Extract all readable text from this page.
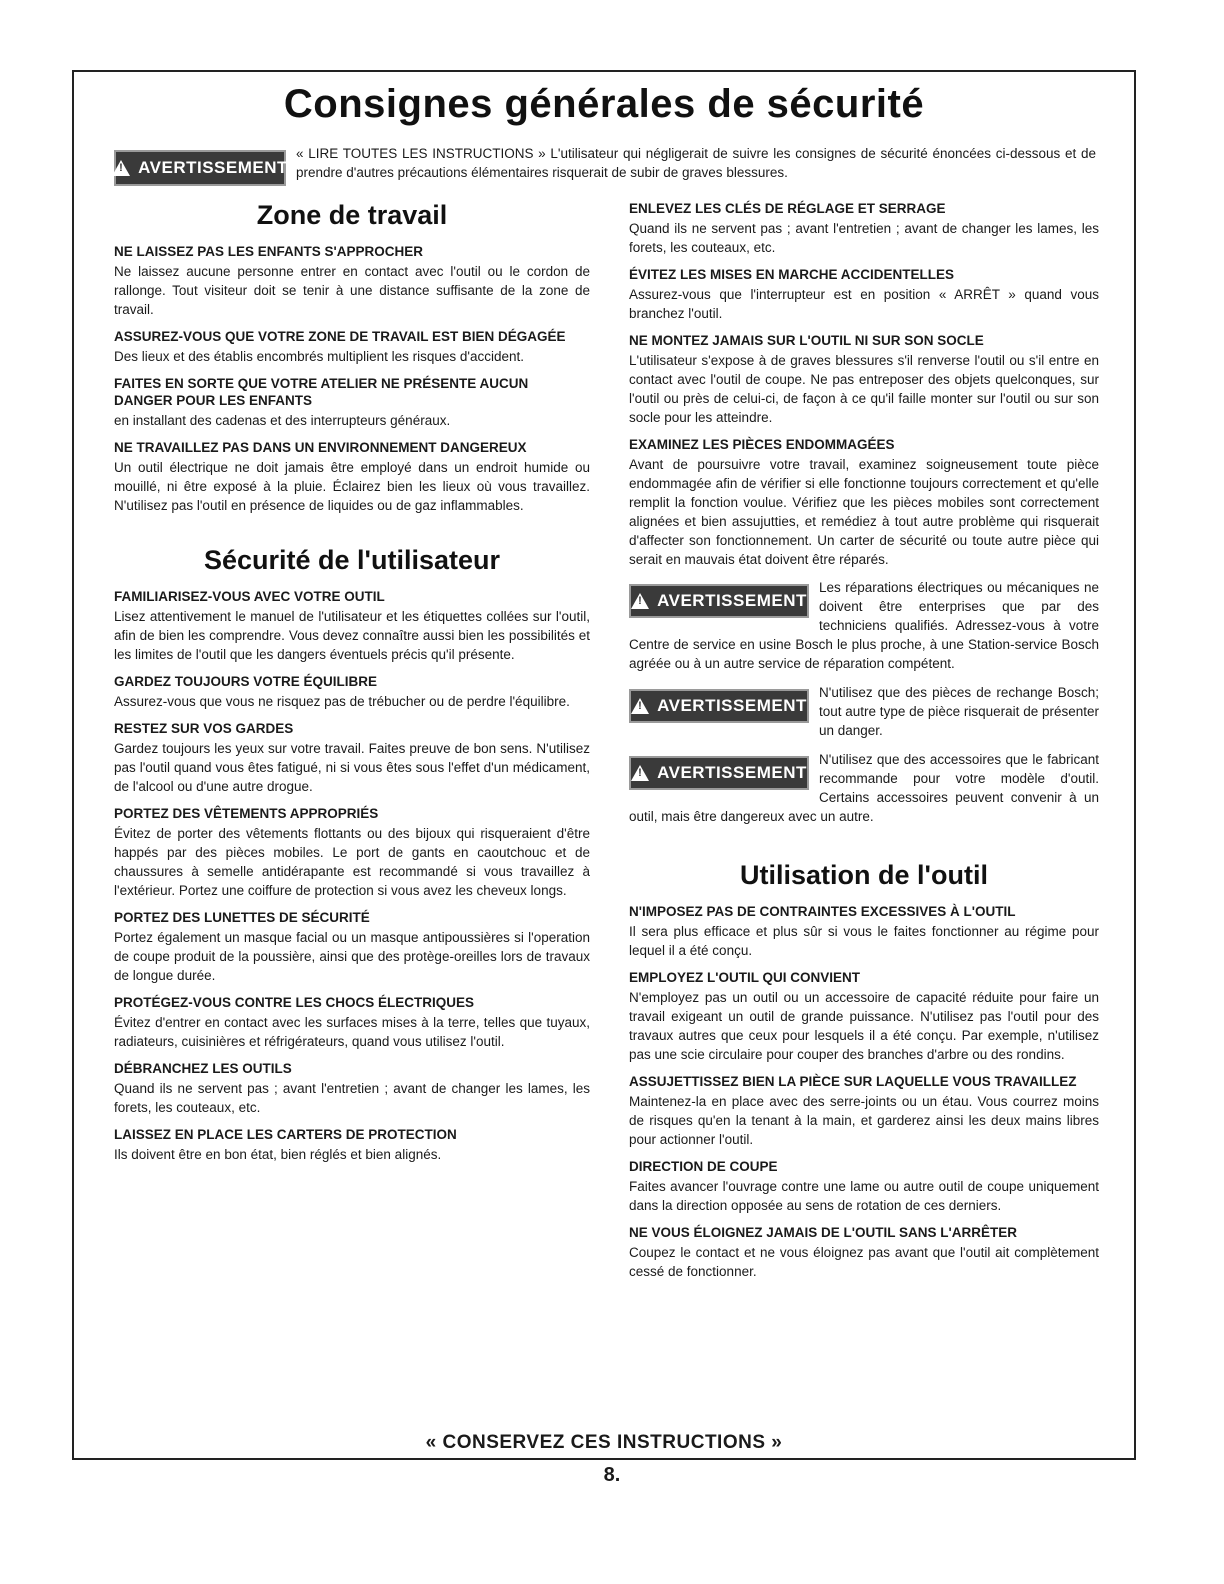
Consignes générales de sécurité
!
AVERTISSEMENT

« LIRE TOUTES LES INSTRUCTIONS » L'utilisateur qui négligerait de suivre les consignes de sécurité énoncées ci-dessous et de prendre d'autres précautions élémentaires risquerait de subir de graves blessures.

Zone de travail
NE LAISSEZ PAS LES ENFANTS S'APPROCHER

Ne laissez aucune personne entrer en contact avec l'outil ou le cordon de rallonge. Tout visiteur doit se tenir à une distance suffisante de la zone de travail.

ASSUREZ-VOUS QUE VOTRE ZONE DE TRAVAIL EST BIEN DÉGAGÉE

Des lieux et des établis encombrés multiplient les risques d'accident.

FAITES EN SORTE QUE VOTRE ATELIER NE PRÉSENTE AUCUN DANGER POUR LES ENFANTS

en installant des cadenas et des interrupteurs généraux.

NE TRAVAILLEZ PAS DANS UN ENVIRONNEMENT DANGEREUX

Un outil électrique ne doit jamais être employé dans un endroit humide ou mouillé, ni être exposé à la pluie. Éclairez bien les lieux où vous travaillez. N'utilisez pas l'outil en présence de liquides ou de gaz inflammables.

Sécurité de l'utilisateur
FAMILIARISEZ-VOUS AVEC VOTRE OUTIL

Lisez attentivement le manuel de l'utilisateur et les étiquettes collées sur l'outil, afin de bien les comprendre. Vous devez connaître aussi bien les possibilités et les limites de l'outil que les dangers éventuels précis qu'il présente.

GARDEZ TOUJOURS VOTRE ÉQUILIBRE

Assurez-vous que vous ne risquez pas de trébucher ou de perdre l'équilibre.

RESTEZ SUR VOS GARDES

Gardez toujours les yeux sur votre travail. Faites preuve de bon sens. N'utilisez pas l'outil quand vous êtes fatigué, ni si vous êtes sous l'effet d'un médicament, de l'alcool ou d'une autre drogue.

PORTEZ DES VÊTEMENTS APPROPRIÉS

Évitez de porter des vêtements flottants ou des bijoux qui risqueraient d'être happés par des pièces mobiles. Le port de gants en caoutchouc et de chaussures à semelle antidérapante est recommandé si vous travaillez à l'extérieur. Portez une coiffure de protection si vous avez les cheveux longs.

PORTEZ DES LUNETTES DE SÉCURITÉ

Portez également un masque facial ou un masque antipoussières si l'operation de coupe produit de la poussière, ainsi que des protège-oreilles lors de travaux de longue durée.

PROTÉGEZ-VOUS CONTRE LES CHOCS ÉLECTRIQUES

Évitez d'entrer en contact avec les surfaces mises à la terre, telles que tuyaux, radiateurs, cuisinières et réfrigérateurs, quand vous utilisez l'outil.

DÉBRANCHEZ LES OUTILS

Quand ils ne servent pas ; avant l'entretien ; avant de changer les lames, les forets, les couteaux, etc.

LAISSEZ EN PLACE LES CARTERS DE PROTECTION

Ils doivent être en bon état, bien réglés et bien alignés.

ENLEVEZ LES CLÉS DE RÉGLAGE ET SERRAGE

Quand ils ne servent pas ; avant l'entretien ; avant de changer les lames, les forets, les couteaux, etc.

ÉVITEZ LES MISES EN MARCHE ACCIDENTELLES

Assurez-vous que l'interrupteur est en position « ARRÊT » quand vous branchez l'outil.

NE MONTEZ JAMAIS SUR L'OUTIL NI SUR SON SOCLE

L'utilisateur s'expose à de graves blessures s'il renverse l'outil ou s'il entre en contact avec l'outil de coupe. Ne pas entreposer des objets quelconques, sur l'outil ou près de celui-ci, de façon à ce qu'il faille monter sur l'outil ou sur son socle pour les atteindre.

EXAMINEZ LES PIÈCES ENDOMMAGÉES

Avant de poursuivre votre travail, examinez soigneusement toute pièce endommagée afin de vérifier si elle fonctionne toujours correctement et qu'elle remplit la fonction voulue. Vérifiez que les pièces mobiles sont correctement alignées et bien assujutties, et remédiez à tout autre problème qui risquerait d'affecter son fonctionnement. Un carter de sécurité ou toute autre pièce qui serait en mauvais état doivent être réparés.

!
AVERTISSEMENT

Les réparations électriques ou mécaniques ne doivent être enterprises que par des techniciens qualifiés. Adressez-vous à votre Centre de service en usine Bosch le plus proche, à une Station-service Bosch agréée ou à un autre service de réparation compétent.

!
AVERTISSEMENT

N'utilisez que des pièces de rechange Bosch; tout autre type de pièce risquerait de présenter un danger.

!
AVERTISSEMENT

N'utilisez que des accessoires que le fabricant recommande pour votre modèle d'outil. Certains accessoires peuvent convenir à un outil, mais être dangereux avec un autre.

Utilisation de l'outil
N'IMPOSEZ PAS DE CONTRAINTES EXCESSIVES À L'OUTIL

Il sera plus efficace et plus sûr si vous le faites fonctionner au régime pour lequel il a été conçu.

EMPLOYEZ L'OUTIL QUI CONVIENT

N'employez pas un outil ou un accessoire de capacité réduite pour faire un travail exigeant un outil de grande puissance. N'utilisez pas l'outil pour des travaux autres que ceux pour lesquels il a été conçu. Par exemple, n'utilisez pas une scie circulaire pour couper des branches d'arbre ou des rondins.

ASSUJETTISSEZ BIEN LA PIÈCE SUR LAQUELLE VOUS TRAVAILLEZ

Maintenez-la en place avec des serre-joints ou un étau. Vous courrez moins de risques qu'en la tenant à la main, et garderez ainsi les deux mains libres pour actionner l'outil.

DIRECTION DE COUPE

Faites avancer l'ouvrage contre une lame ou autre outil de coupe uniquement dans la direction opposée au sens de rotation de ces derniers.

NE VOUS ÉLOIGNEZ JAMAIS DE L'OUTIL SANS L'ARRÊTER

Coupez le contact et ne vous éloignez pas avant que l'outil ait complètement cessé de fonctionner.

« CONSERVEZ CES INSTRUCTIONS »

8.
